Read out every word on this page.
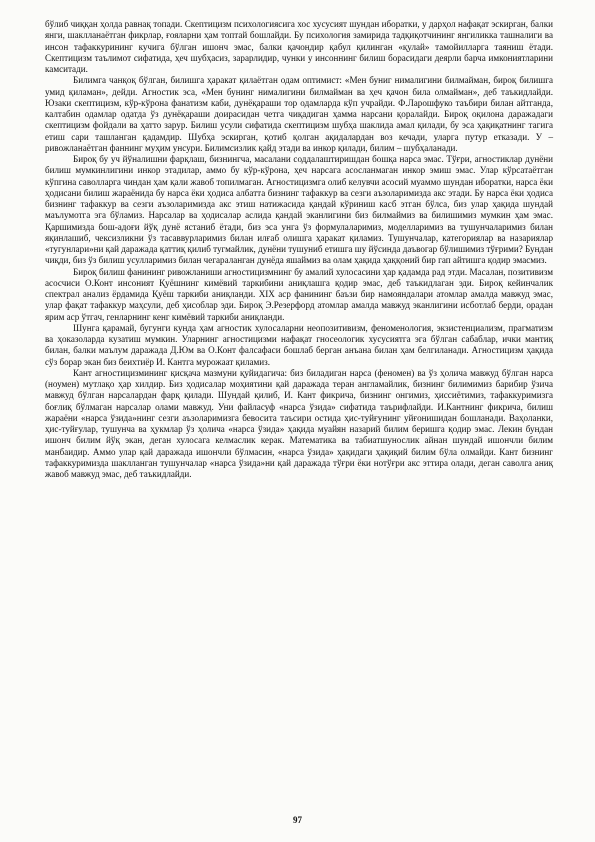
бўлиб чиққан ҳолда равнақ топади. Скептицизм психологиясига хос хусусият шундан иборатки, у дарҳол нафақат эскирган, балки янги, шаклланаётган фикрлар, ғояларни ҳам топтай бошлайди. Бу психология замирида тадқиқотчининг янгиликка ташналиги ва инсон тафаккурининг кучига бўлган ишонч эмас, балки қачондир қабул қилинган «қулай» тамойилларга таяниш ётади. Скептицизм таълимот сифатида, ҳеч шубҳасиз, зарарлидир, чунки у инсоннинг билиш борасидаги деярли барча имкониятларини камситади.

Билимга чанқоқ бўлган, билишга ҳаракат қилаётган одам оптимист: «Мен буниг нималигини билмайман, бироқ билишга умид қиламан», дейди. Агностик эса, «Мен бунинг нималигини билмайман ва ҳеч қачон била олмайман», деб таъкидлайди. Юзаки скептицизм, кўр-кўрона фанатизм каби, дунёқараши тор одамларда кўп учрайди. Ф.Ларошфуко таъбири билан айтганда, калтабин одамлар одатда ўз дунёқараши доирасидан четга чиқадиган ҳамма нарсани қоралайди. Бироқ оқилона даражадаги скептицизм фойдали ва ҳатто зарур. Билиш усули сифатида скептицизм шубҳа шаклида амал қилади, бу эса ҳақиқатнинг тагига етиш сари ташланган қадамдир. Шубҳа эскирган, қотиб қолган ақидалардан воз кечади, уларга путур етказади. У – ривожланаётган фаннинг муҳим унсури. Билимсизлик қайд этади ва инкор қилади, билим – шубҳаланади.

Бироқ бу уч йўналишни фарқлаш, бизнингча, масалани соддалаштиришдан бошқа нарса эмас. Тўғри, агностиклар дунёни билиш мумкинлигини инкор этадилар, аммо бу кўр-кўрона, ҳеч нарсага асосланмаган инкор эмиш эмас. Улар кўрсатаётган кўпгина саволларга чиндан ҳам қали жавоб топилмаган. Агностицизмга олиб келувчи асосий муаммо шундан иборатки, нарса ёки ҳодисани билиш жараёнида бу нарса ёки ҳодиса албатта бизнинг тафаккур ва сезги аъзоларимизда акс этади. Бу нарса ёки ҳодиса бизнинг тафаккур ва сезги аъзоларимизда акс этиш натижасида қандай кўриниш касб этган бўлса, биз улар ҳақида шундай маълумотга эга бўламиз. Нарсалар ва ҳодисалар аслида қандай эканлигини биз билмаймиз ва билишимиз мумкин ҳам эмас. Қаршимизда бош-адоғи йўқ дунё ястаниб ётади, биз эса унга ўз формулаларимиз, моделларимиз ва тушунчаларимиз билан яқинлашиб, чексизликни ўз тасаввурларимиз билан илғаб олишга ҳаракат қиламиз. Тушунчалар, категориялар ва назариялар «тугунлари»ни қай даражада қаттиқ қилиб тугмайлик, дунёни тушуниб етишга шу йўсинда даъвогар бўлишимиз тўғрими? Бундан чиқди, биз ўз билиш усулларимиз билан чегараланган дунёда яшаймиз ва олам ҳақида ҳаққоний бир гап айтишга қодир эмасмиз.

Бироқ билиш фанининг ривожланиши агностицизмнинг бу амалий хулосасини ҳар қадамда рад этди. Масалан, позитивизм асосчиси О.Конт инсоният Қуёшнинг кимёвий таркибини аниқлашга қодир эмас, деб таъкидлаган эди. Бироқ кейинчалик спектрал анализ ёрдамида Қуёш таркиби аниқланди. XIX аср фанининг баъзи бир намояндалари атомлар амалда мавжуд эмас, улар фақат тафаккур маҳсули, деб ҳисоблар эди. Бироқ Э.Резерфорд атомлар амалда мавжуд эканлигини исботлаб берди, орадан ярим аср ўтгач, генларнинг кенг кимёвий таркиби аниқланди.

Шунга қарамай, бугунги кунда ҳам агностик хулосаларни неопозитивизм, феноменология, экзистенциализм, прагматизм ва ҳоказоларда кузатиш мумкин. Уларнинг агностицизми нафақат гносеологик хусусиятга эга бўлган сабаблар, ички мантиқ билан, балки маълум даражада Д.Юм ва О.Конт фалсафаси бошлаб берган анъана билан ҳам белгиланади. Агностицизм ҳақида сўз борар экан биз беихтиёр И. Кантга мурожаат қиламиз.

Кант агностицизмининг қисқача мазмуни қуйидагича: биз биладиган нарса (феномен) ва ўз ҳолича мавжуд бўлган нарса (ноумен) мутлақо ҳар хилдир. Биз ҳодисалар моҳиятини қай даражада теран англамайлик, бизнинг билимимиз барибир ўзича мавжуд бўлган нарсалардан фарқ қилади. Шундай қилиб, И. Кант фикрича, бизнинг онгимиз, ҳиссиётимиз, тафаккуримизга боғлиқ бўлмаган нарсалар олами мавжуд. Уни файласуф «нарса ўзида» сифатида таърифлайди. И.Кантнинг фикрича, билиш жараёни «нарса ўзида»нинг сезги аъзоларимизга бевосита таъсири остида ҳис-туйғунинг уйғонишидан бошланади. Ваҳоланки, ҳис-туйғулар, тушунча ва ҳукмлар ўз ҳолича «нарса ўзида» ҳақида муайян назарий билим беришга қодир эмас. Лекин бундан ишонч билим йўқ экан, деган хулосага келмаслик керак. Математика ва табиатшунослик айнан шундай ишончли билим манбаидир. Аммо улар қай даражада ишончли бўлмасин, «нарса ўзида» ҳақидаги ҳақиқий билим бўла олмайди. Кант бизнинг тафаккуримизда шаклланган тушунчалар «нарса ўзида»ни қай даражада тўғри ёки нотўғри акс эттира олади, деган саволга аниқ жавоб мавжуд эмас, деб таъкидлайди.

97
